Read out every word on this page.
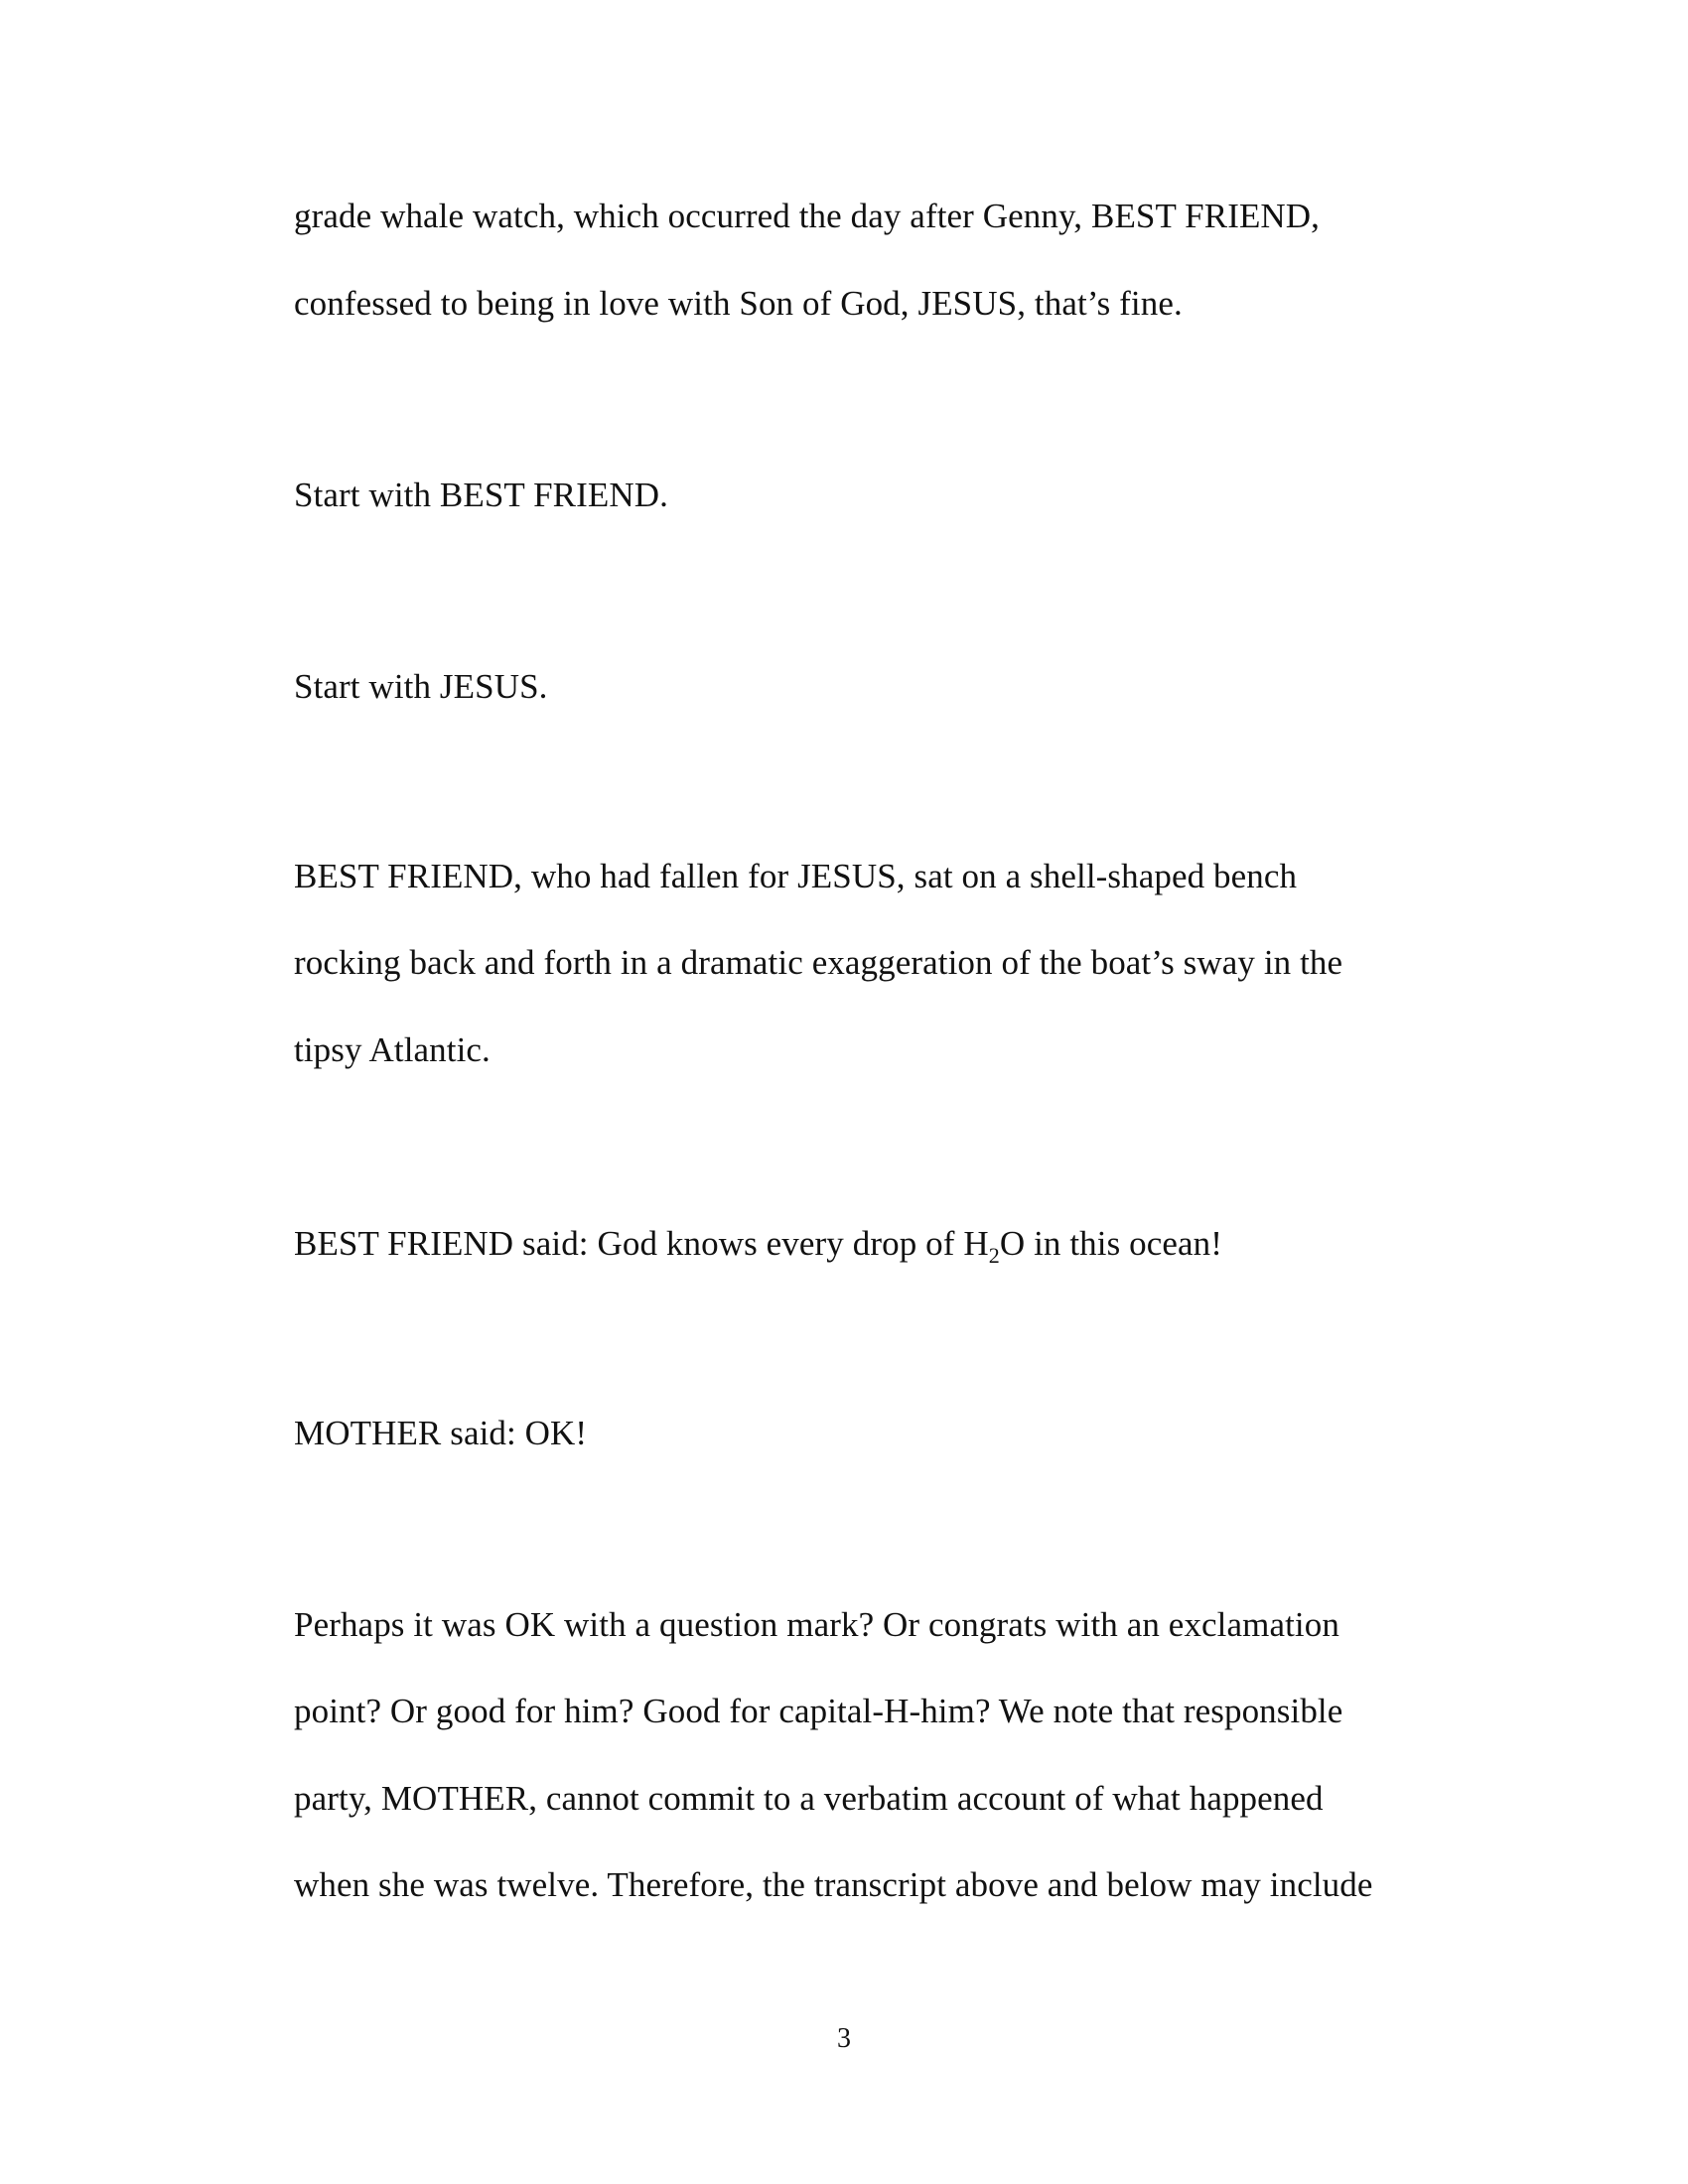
grade whale watch, which occurred the day after Genny, BEST FRIEND,
confessed to being in love with Son of God, JESUS, that’s fine.
Start with BEST FRIEND.
Start with JESUS.
BEST FRIEND, who had fallen for JESUS, sat on a shell-shaped bench
rocking back and forth in a dramatic exaggeration of the boat’s sway in the
tipsy Atlantic.
BEST FRIEND said: God knows every drop of $H_2O$ in this ocean!
MOTHER said: OK!
Perhaps it was OK with a question mark? Or congrats with an exclamation
point? Or good for him? Good for capital-H-him? We note that responsible
party, MOTHER, cannot commit to a verbatim account of what happened
when she was twelve. Therefore, the transcript above and below may include
3
